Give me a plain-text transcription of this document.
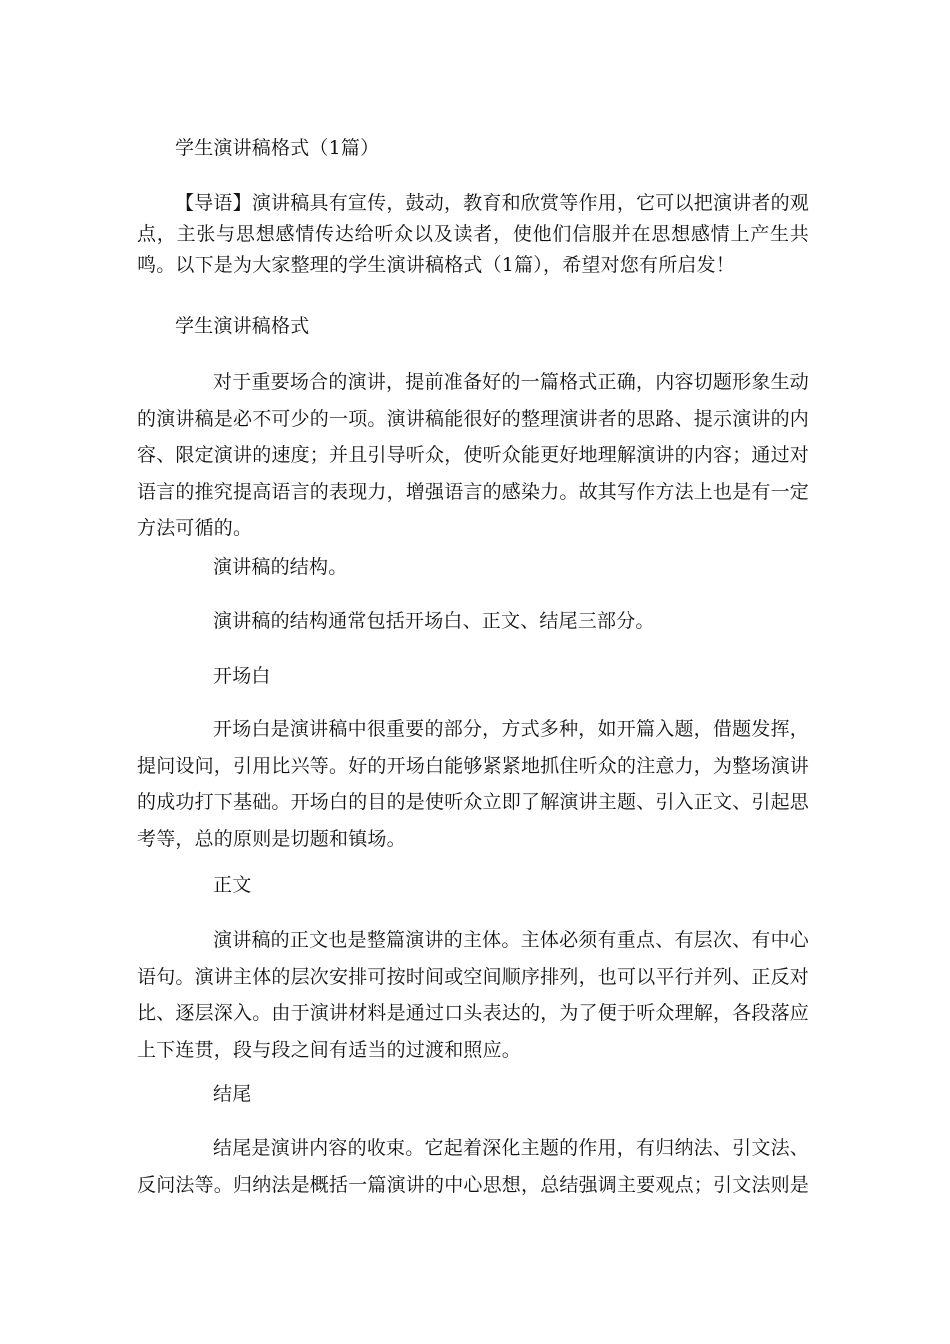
学生演讲稿格式（1篇）
【导语】演讲稿具有宣传，鼓动，教育和欣赏等作用，它可以把演讲者的观点，主张与思想感情传达给听众以及读者，使他们信服并在思想感情上产生共鸣。以下是为大家整理的学生演讲稿格式（1篇），希望对您有所启发！
学生演讲稿格式
对于重要场合的演讲，提前准备好的一篇格式正确，内容切题形象生动的演讲稿是必不可少的一项。演讲稿能很好的整理演讲者的思路、提示演讲的内容、限定演讲的速度；并且引导听众，使听众能更好地理解演讲的内容；通过对语言的推究提高语言的表现力，增强语言的感染力。故其写作方法上也是有一定方法可循的。
演讲稿的结构。
演讲稿的结构通常包括开场白、正文、结尾三部分。
开场白
开场白是演讲稿中很重要的部分，方式多种，如开篇入题，借题发挥，提问设问，引用比兴等。好的开场白能够紧紧地抓住听众的注意力，为整场演讲的成功打下基础。开场白的目的是使听众立即了解演讲主题、引入正文、引起思考等，总的原则是切题和镇场。
正文
演讲稿的正文也是整篇演讲的主体。主体必须有重点、有层次、有中心语句。演讲主体的层次安排可按时间或空间顺序排列，也可以平行并列、正反对比、逐层深入。由于演讲材料是通过口头表达的，为了便于听众理解，各段落应上下连贯，段与段之间有适当的过渡和照应。
结尾
结尾是演讲内容的收束。它起着深化主题的作用，有归纳法、引文法、反问法等。归纳法是概括一篇演讲的中心思想，总结强调主要观点；引文法则是
